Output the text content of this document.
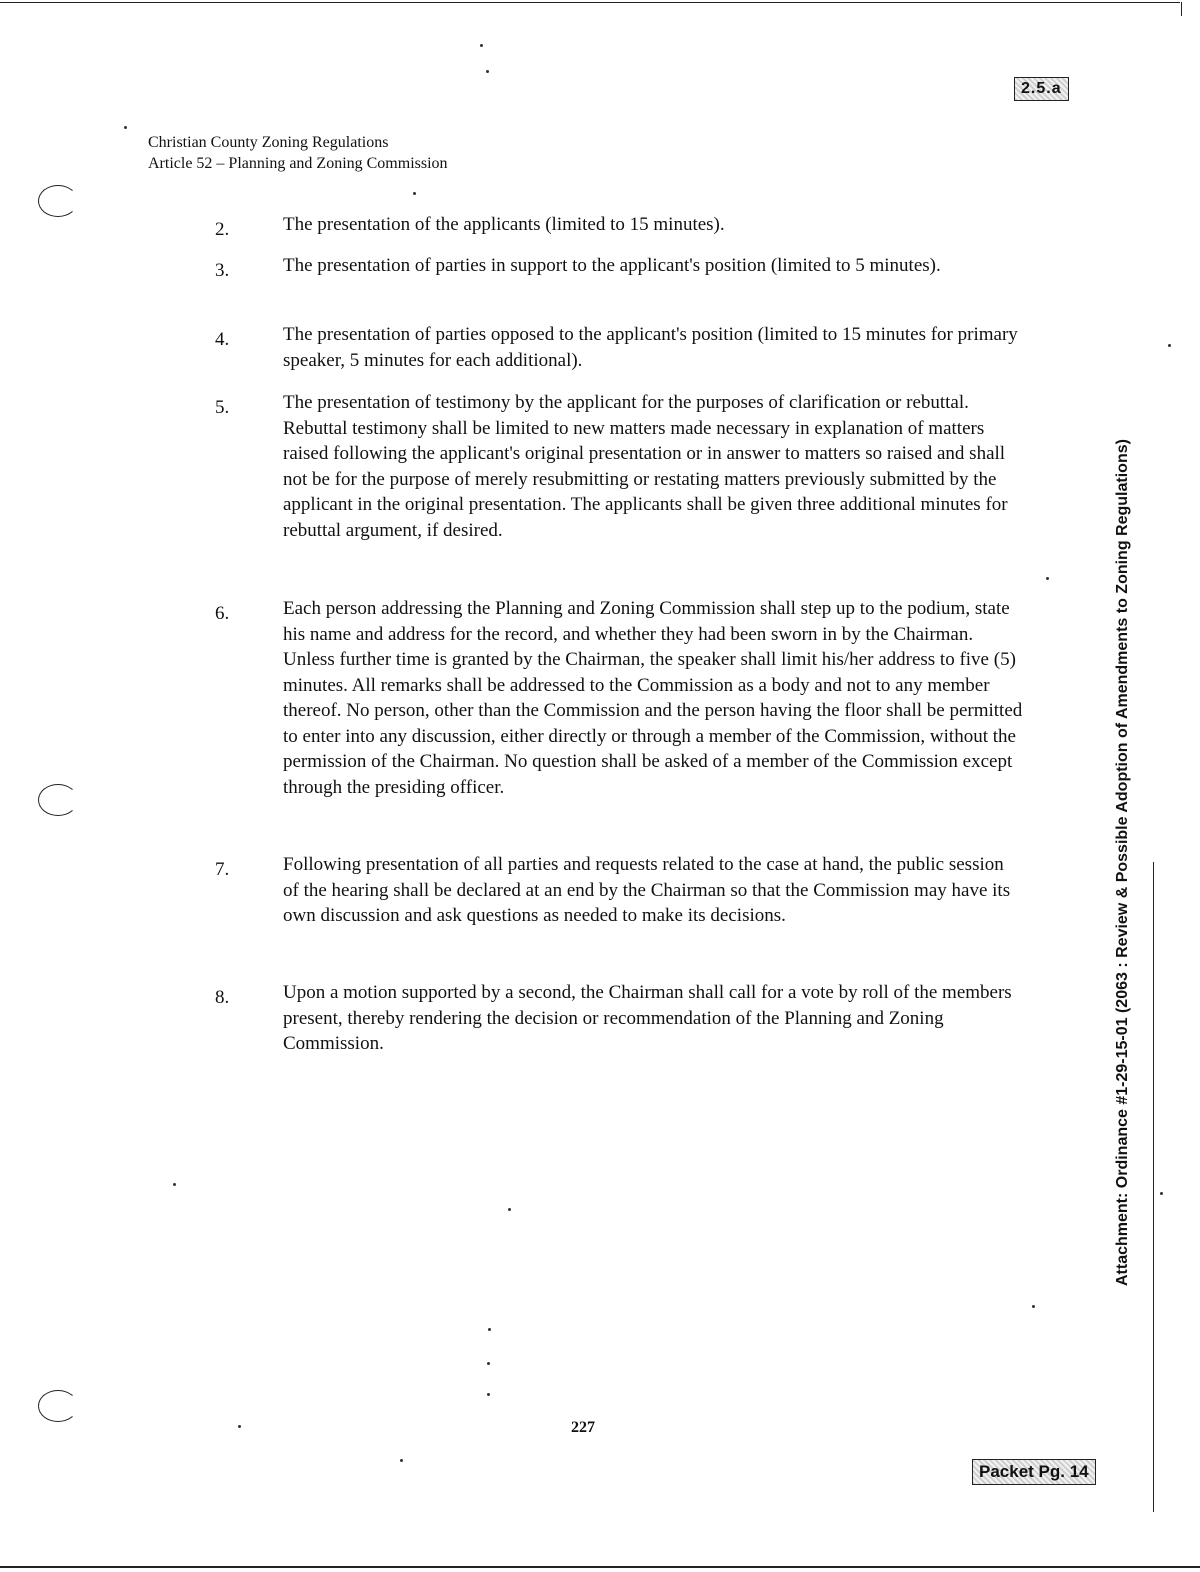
2.5.a
Christian County Zoning Regulations
Article 52 – Planning and Zoning Commission
2.	The presentation of the applicants (limited to 15 minutes).
3.	The presentation of parties in support to the applicant's position (limited to 5 minutes).
4.	The presentation of parties opposed to the applicant's position (limited to 15 minutes for primary speaker, 5 minutes for each additional).
5.	The presentation of testimony by the applicant for the purposes of clarification or rebuttal. Rebuttal testimony shall be limited to new matters made necessary in explanation of matters raised following the applicant's original presentation or in answer to matters so raised and shall not be for the purpose of merely resubmitting or restating matters previously submitted by the applicant in the original presentation. The applicants shall be given three additional minutes for rebuttal argument, if desired.
6.	Each person addressing the Planning and Zoning Commission shall step up to the podium, state his name and address for the record, and whether they had been sworn in by the Chairman. Unless further time is granted by the Chairman, the speaker shall limit his/her address to five (5) minutes. All remarks shall be addressed to the Commission as a body and not to any member thereof. No person, other than the Commission and the person having the floor shall be permitted to enter into any discussion, either directly or through a member of the Commission, without the permission of the Chairman. No question shall be asked of a member of the Commission except through the presiding officer.
7.	Following presentation of all parties and requests related to the case at hand, the public session of the hearing shall be declared at an end by the Chairman so that the Commission may have its own discussion and ask questions as needed to make its decisions.
8.	Upon a motion supported by a second, the Chairman shall call for a vote by roll of the members present, thereby rendering the decision or recommendation of the Planning and Zoning Commission.	Attachment: Ordinance #1-29-15-01 (2063 : Review & Possible Adoption of Amendments to Zoning Regulations)
227
Packet Pg. 14
